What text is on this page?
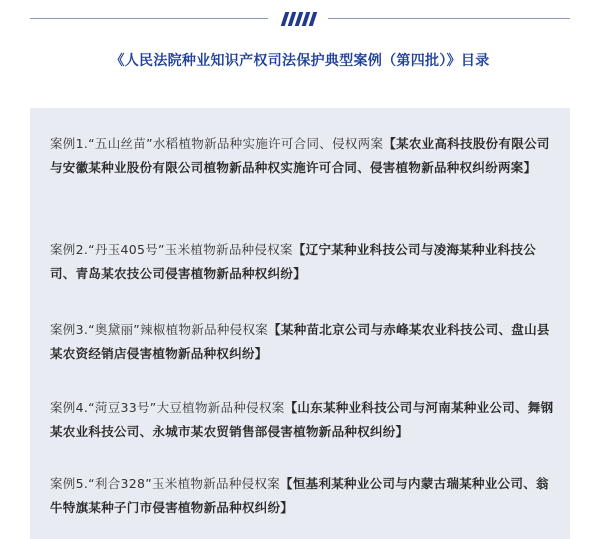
《人民法院种业知识产权司法保护典型案例（第四批）》目录
案例1.“五山丝苗”水稻植物新品种实施许可合同、侵权两案【某农业高科技股份有限公司与安徽某种业股份有限公司植物新品种权实施许可合同、侵害植物新品种权纠纷两案】
案例2.“丹玉405号”玉米植物新品种侵权案【辽宁某种业科技公司与凌海某种业科技公司、青岛某农技公司侵害植物新品种权纠纷】
案例3.“奥黛丽”辣椒植物新品种侵权案【某种苗北京公司与赤峰某农业科技公司、盘山县某农资经销店侵害植物新品种权纠纷】
案例4.“菏豆33号”大豆植物新品种侵权案【山东某种业科技公司与河南某种业公司、舞钢某农业科技公司、永城市某农贸销售部侵害植物新品种权纠纷】
案例5.“利合328”玉米植物新品种侵权案【恒基利某种业公司与内蒙古瑞某种业公司、翁牛特旗某种子门市侵害植物新品种权纠纷】
